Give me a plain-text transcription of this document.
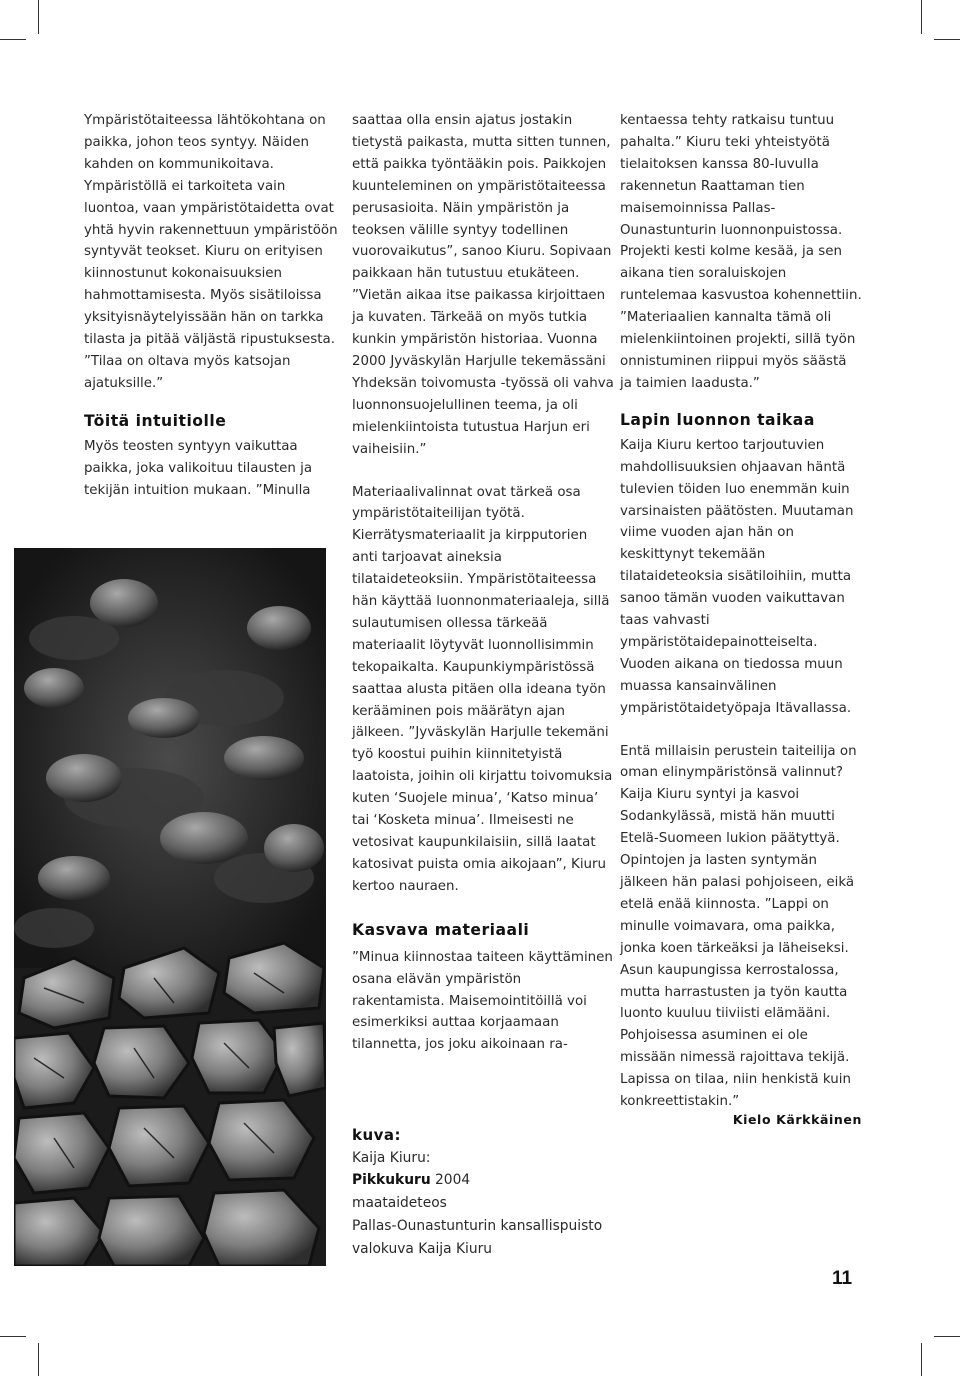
Ympäristötaiteessa lähtökohtana on paikka, johon teos syntyy. Näiden kahden on kommunikoitava. Ympäristöllä ei tarkoiteta vain luontoa, vaan ympäristötaidetta ovat yhtä hyvin rakennettuun ympäristöön syntyvät teokset. Kiuru on erityisen kiinnostunut kokonaisuuksien hahmottamisesta. Myös sisätiloissa yksityisnäytelyissään hän on tarkka tilasta ja pitää väljästä ripustuksesta. ”Tilaa on oltava myös katsojan ajatuksille.”

Töitä intuitiolle

Myös teosten syntyyn vaikuttaa paikka, joka valikoituu tilausten ja tekijän intuition mukaan. ”Minulla

saattaa olla ensin ajatus jostakin tietystä paikasta, mutta sitten tunnen, että paikka työntääkin pois. Paikkojen kuunteleminen on ympäristötaiteessa perusasioita. Näin ympäristön ja teoksen välille syntyy todellinen vuorovaikutus”, sanoo Kiuru. Sopivaan paikkaan hän tutustuu etukäteen. ”Vietän aikaa itse paikassa kirjoittaen ja kuvaten. Tärkeää on myös tutkia kunkin ympäristön historiaa. Vuonna 2000 Jyväskylän Harjulle tekemässäni Yhdeksän toivomusta -työssä oli vahva luonnonsuojelullinen teema, ja oli mielenkiintoista tutustua Harjun eri vaiheisiin.”

Materiaalivalinnat ovat tärkeä osa ympäristötaiteilijan työtä. Kierrätysmateriaalit ja kirpputorien anti tarjoavat aineksia tilataideteoksiin. Ympäristötaiteessa hän käyttää luonnonmateriaaleja, sillä sulautumisen ollessa tärkeää materiaalit löytyvät luonnollisimmin tekopaikalta. Kaupunkiympäristössä saattaa alusta pitäen olla ideana työn kerääminen pois määrätyn ajan jälkeen. ”Jyväskylän Harjulle tekemäni työ koostui puihin kiinnitetyistä laatoista, joihin oli kirjattu toivomuksia kuten ‘Suojele minua’, ‘Katso minua’ tai ‘Kosketa minua’. Ilmeisesti ne vetosivat kaupunkilaisiin, sillä laatat katosivat puista omia aikojaan”, Kiuru kertoo nauraen.

Kasvava materiaali

”Minua kiinnostaa taiteen käyttäminen osana elävän ympäristön rakentamista. Maisemointitöillä voi esimerkiksi auttaa korjaamaan tilannetta, jos joku aikoinaan ra-

kentaessa tehty ratkaisu tuntuu pahalta.” Kiuru teki yhteistyötä tielaitoksen kanssa 80-luvulla rakennetun Raattaman tien maisemoinnissa Pallas-Ounastunturin luonnonpuistossa. Projekti kesti kolme kesää, ja sen aikana tien soraluiskojen runtelemaa kasvustoa kohennettiin. ”Materiaalien kannalta tämä oli mielenkiintoinen projekti, sillä työn onnistuminen riippui myös säästä ja taimien laadusta.”

Lapin luonnon taikaa

Kaija Kiuru kertoo tarjoutuvien mahdollisuuksien ohjaavan häntä tulevien töiden luo enemmän kuin varsinaisten päätösten. Muutaman viime vuoden ajan hän on keskittynyt tekemään tilataideteoksia sisätiloihiin, mutta sanoo tämän vuoden vaikuttavan taas vahvasti ympäristötaidepainotteiselta. Vuoden aikana on tiedossa muun muassa kansainvälinen ympäristötaidetyöpaja Itävallassa.

Entä millaisin perustein taiteilija on oman elinympäristönsä valinnut? Kaija Kiuru syntyi ja kasvoi Sodankylässä, mistä hän muutti Etelä-Suomeen lukion päätyttyä. Opintojen ja lasten syntymän jälkeen hän palasi pohjoiseen, eikä etelä enää kiinnosta. ”Lappi on minulle voimavara, oma paikka, jonka koen tärkeäksi ja läheiseksi. Asun kaupungissa kerrostalossa, mutta harrastusten ja työn kautta luonto kuuluu tiiviisti elämääni. Pohjoisessa asuminen ei ole missään nimessä rajoittava tekijä. Lapissa on tilaa, niin henkistä kuin konkreettistakin.”

Kielo Kärkkäinen
kuva:
Kaija Kiuru:
Pikkukuru 2004
maataideteos
Pallas-Ounastunturin kansallispuisto
valokuva Kaija Kiuru
11
